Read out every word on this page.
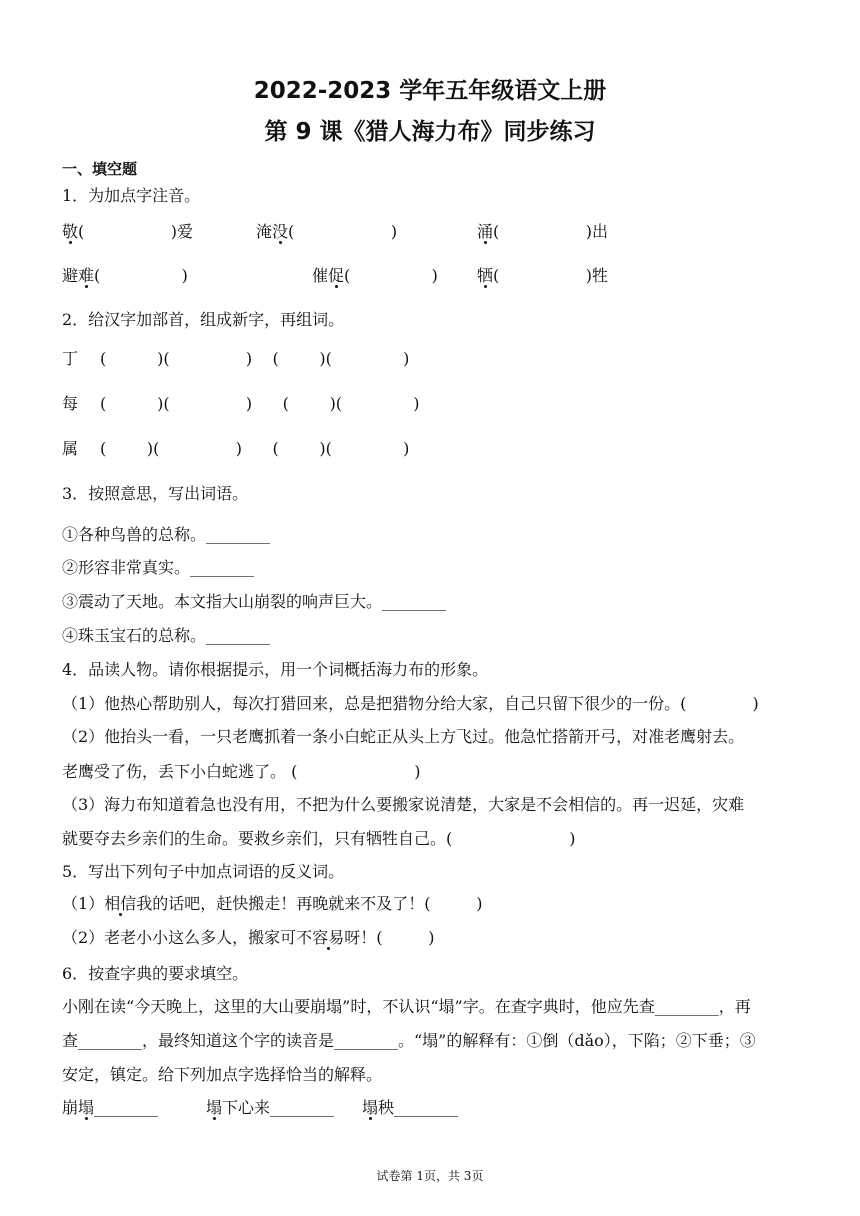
2022-2023 学年五年级语文上册
第 9 课《猎人海力布》同步练习
一、填空题
1．为加点字注音。
敬(                 )爱	淹没(                   )	涌(                 )出
避难(                )	催促(                ) 牺(                 )牲
2．给汉字加部首，组成新字，再组词。
丁 (          )(               )    (        )(              )
每 (          )(               )      (        )(              )
属 (        )(               )      (        )(              )
3．按照意思，写出词语。
①各种鸟兽的总称。________
②形容非常真实。________
③震动了天地。本文指大山崩裂的响声巨大。________
④珠玉宝石的总称。________
4．品读人物。请你根据提示，用一个词概括海力布的形象。
（1）他热心帮助别人，每次打猎回来，总是把猎物分给大家，自己只留下很少的一份。(             )
（2）他抬头一看，一只老鹰抓着一条小白蛇正从头上方飞过。他急忙搭箭开弓，对准老鹰射去。
老鹰受了伤，丢下小白蛇逃了。 (                       )
（3）海力布知道着急也没有用，不把为什么要搬家说清楚，大家是不会相信的。再一迟延，灾难
就要夺去乡亲们的生命。要救乡亲们，只有牺牲自己。(                       )
5．写出下列句子中加点词语的反义词。
（1）相信我的话吧，赶快搬走！再晚就来不及了！(         )
（2）老老小小这么多人，搬家可不容易呀！(         )
6．按查字典的要求填空。
小刚在读“今天晚上，这里的大山要崩塌”时，不认识“塌”字。在查字典时，他应先查________，再
查________，最终知道这个字的读音是________。“塌”的解释有：①倒（dǎo），下陷；②下垂；③
安定，镇定。给下列加点字选择恰当的解释。
崩塌________	塌下心来________ 塌秧________
试卷第 1页，共 3页
